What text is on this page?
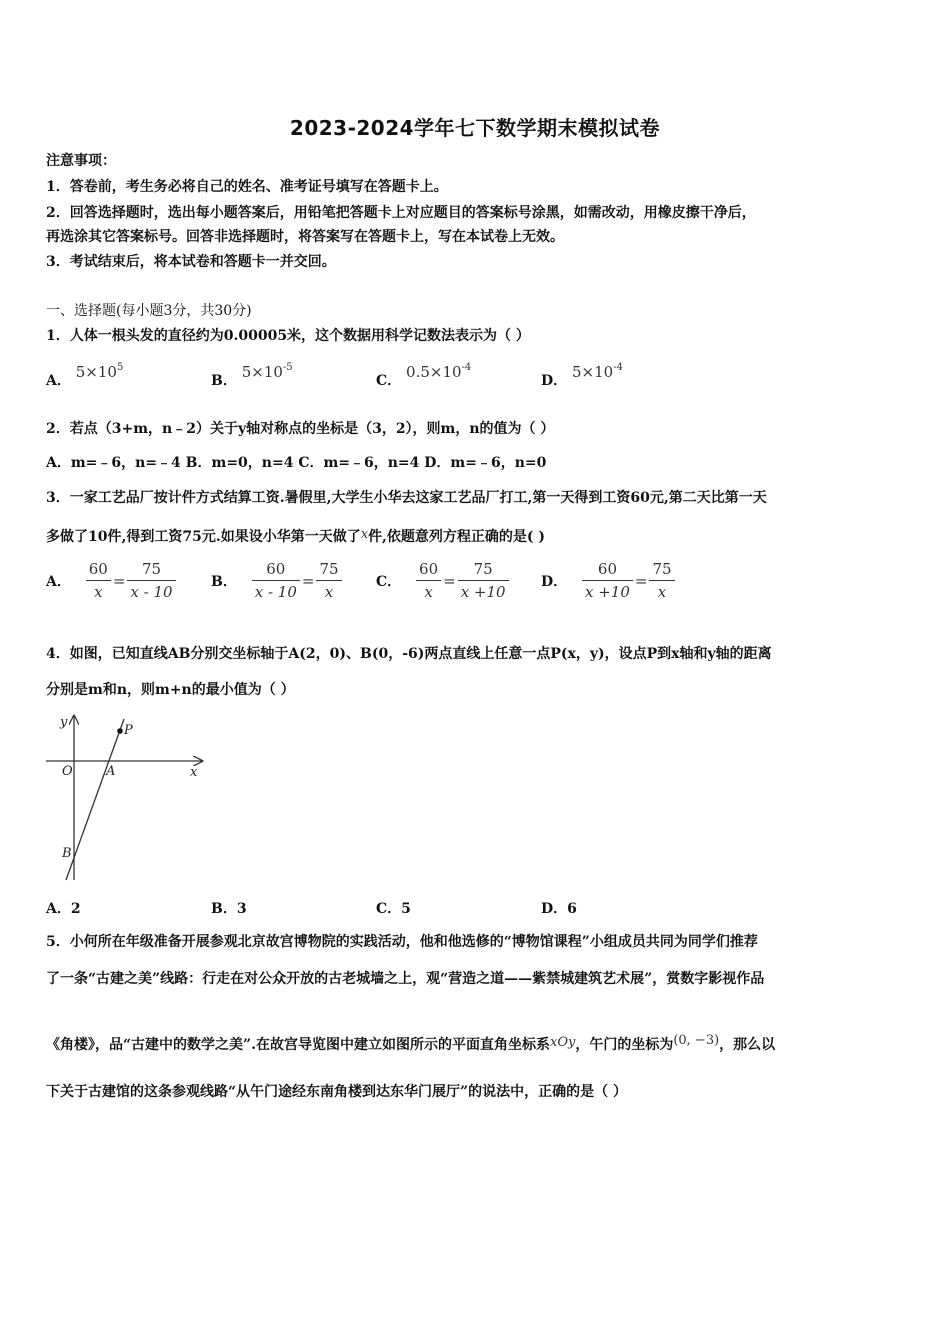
2023-2024学年七下数学期末模拟试卷
注意事项：
1．答卷前，考生务必将自己的姓名、准考证号填写在答题卡上。
2．回答选择题时，选出每小题答案后，用铅笔把答题卡上对应题目的答案标号涂黑，如需改动，用橡皮擦干净后，
再选涂其它答案标号。回答非选择题时，将答案写在答题卡上，写在本试卷上无效。
3．考试结束后，将本试卷和答题卡一并交回。
一、选择题(每小题3分，共30分)
1．人体一根头发的直径约为0.00005米，这个数据用科学记数法表示为（ ）
A． $5\times 10^5$
B． $5\times 10^{-5}$
C． $0.5\times 10^{-4}$
D． $5\times 10^{-4}$
2．若点（3+m，n﹣2）关于y轴对称点的坐标是（3，2），则m，n的值为（ ）
A．m=﹣6，n=﹣4 B．m=0，n=4 C．m=﹣6，n=4 D．m=﹣6，n=0
3．一家工艺品厂按计件方式结算工资.暑假里,大学生小华去这家工艺品厂打工,第一天得到工资60元,第二天比第一天
多做了10件,得到工资75元.如果设小华第一天做了x件,依题意列方程正确的是( )
A． $\frac{60}{x} = \frac{75}{x - 10}$	B． $\frac{60}{x - 10} = \frac{75}{x}$ C． $\frac{60}{x} = \frac{75}{x +10}$ D． $\frac{60}{x +10} = \frac{75}{x}$
4．如图，已知直线AB分别交坐标轴于A(2，0)、B(0，-6)两点直线上任意一点P(x，y)，设点P到x轴和y轴的距离
分别是m和n，则m+n的最小值为（ ）
y
x
O	A
B
P
A．2	B．3	C．5	D．6
5．小何所在年级准备开展参观北京故宫博物院的实践活动，他和他选修的“博物馆课程”小组成员共同为同学们推荐
了一条“古建之美”线路：行走在对公众开放的古老城墙之上，观“营造之道——紫禁城建筑艺术展”，赏数字影视作品
《角楼》，品“古建中的数学之美”.在故宫导览图中建立如图所示的平面直角坐标系xOy，午门的坐标为(0, −3)，那么以
下关于古建馆的这条参观线路“从午门途经东南角楼到达东华门展厅”的说法中，正确的是（ ）
